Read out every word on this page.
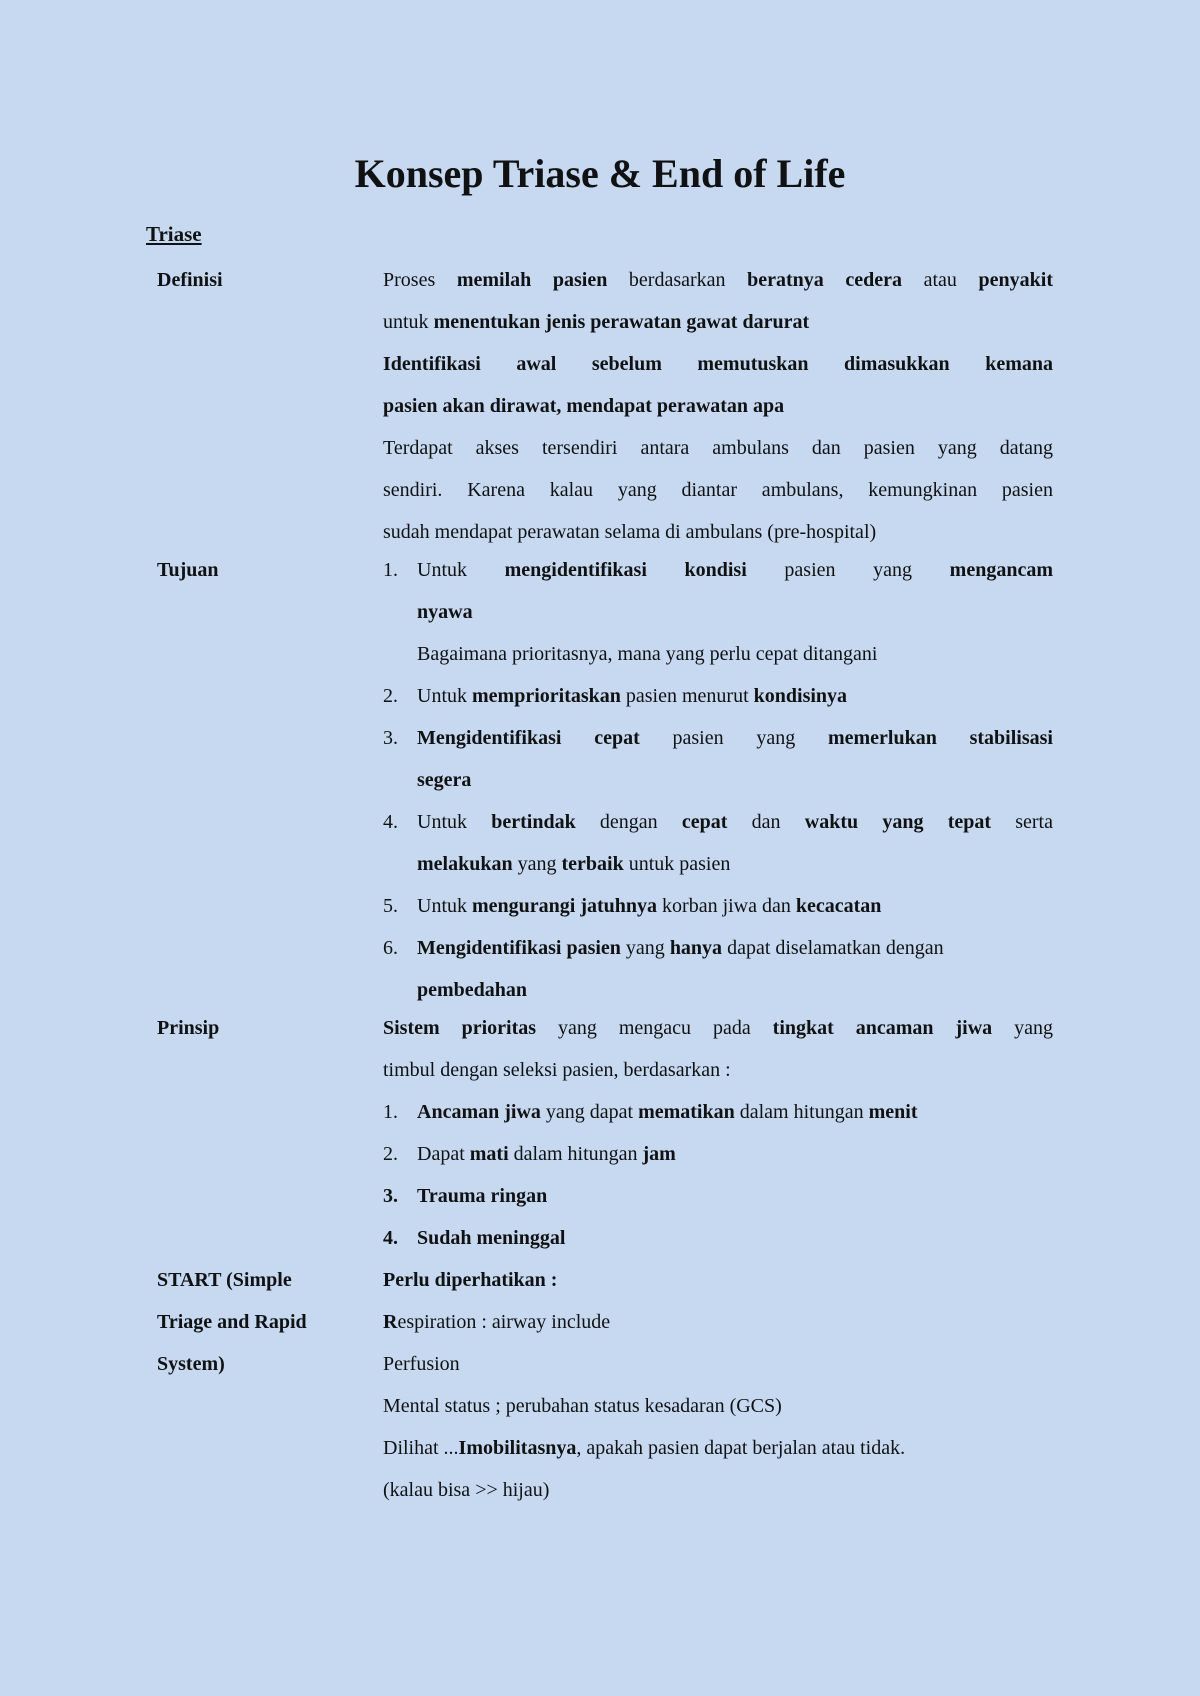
Konsep Triase & End of Life
Triase
Definisi
Tujuan
Prinsip
START (Simple
Triage and Rapid
System)
Proses memilah pasien berdasarkan beratnya cedera atau penyakit
untuk menentukan jenis perawatan gawat darurat
Identifikasi awal sebelum memutuskan dimasukkan kemana
pasien akan dirawat, mendapat perawatan apa
Terdapat akses tersendiri antara ambulans dan pasien yang datang
sendiri. Karena kalau yang diantar ambulans, kemungkinan pasien
sudah mendapat perawatan selama di ambulans (pre-hospital)
1. Untuk mengidentifikasi kondisi pasien yang mengancam
nyawa
Bagaimana prioritasnya, mana yang perlu cepat ditangani
2. Untuk memprioritaskan pasien menurut kondisinya
3. Mengidentifikasi cepat pasien yang memerlukan stabilisasi
segera
4. Untuk bertindak dengan cepat dan waktu yang tepat serta
melakukan yang terbaik untuk pasien
5. Untuk mengurangi jatuhnya korban jiwa dan kecacatan
6. Mengidentifikasi pasien yang hanya dapat diselamatkan dengan
pembedahan
Sistem prioritas yang mengacu pada tingkat ancaman jiwa yang
timbul dengan seleksi pasien, berdasarkan :
1. Ancaman jiwa yang dapat mematikan dalam hitungan menit
2. Dapat mati dalam hitungan jam
3. Trauma ringan
4. Sudah meninggal
Perlu diperhatikan :
Respiration : airway include
Perfusion
Mental status ; perubahan status kesadaran (GCS)
Dilihat ...Imobilitasnya, apakah pasien dapat berjalan atau tidak.
(kalau bisa >> hijau)
